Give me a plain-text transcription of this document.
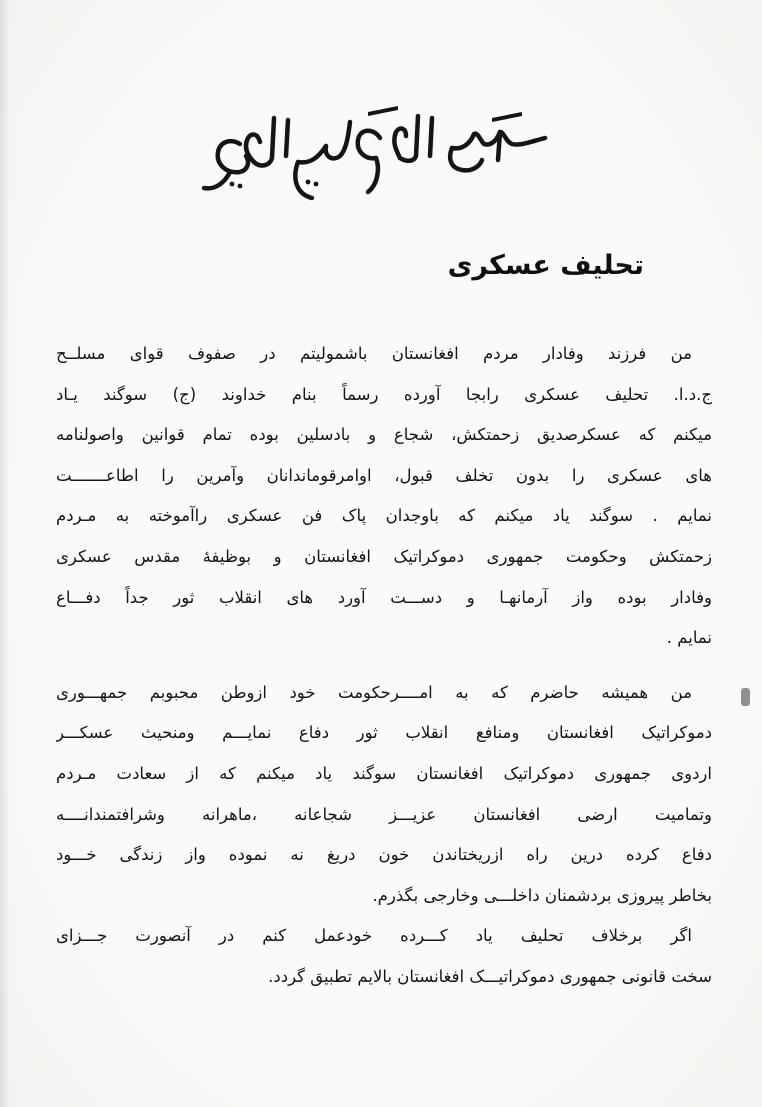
تحلیف عسکری
من فرزند وفادار مردم افغانستان باشمولیتم در صفوف قوای مسلــح
ج.د.ا. تحلیف عسکری رابجا آورده رسماً بنام خداوند (ج) سوگند یـاد
میکنم که عسکرصدیق زحمتکش، شجاع و بادسلین بوده تمام قوانین واصولنامه
های عسکری را بدون تخلف قبول، اوامرقوماندانان وآمرین را اطاعـــــــت
نمایم . سوگند یاد میکنم که باوجدان پاک فن عسکری راآموخته به مـردم
زحمتکش وحکومت جمهوری دموکراتیک افغانستان و بوظیفۀ مقدس عسکری
وفادار بوده واز آرمانهـا و دســـت آورد های انقلاب ثور جداً دفـــاع
نمایم .
من همیشه حاضرم که به امــــرحکومت خود ازوطن محبوبم جمهـــوری
دموکراتیک افغانستان ومنافع انقلاب ثور دفاع نمایـــم ومنحیث عسکـــر
اردوی جمهوری دموکراتیک افغانستان سوگند یاد میکنم که از سعادت مـردم
وتمامیت ارضی افغانستان عزیـــز شجاعانه ،ماهرانه وشرافتمندانــــه
دفاع کرده درین راه ازریختاندن خون دریغ نه نموده واز زندگی خـــود
بخاطر پیروزی بردشمنان داخلـــی وخارجی بگذرم.
اگر برخلاف تحلیف یاد کـــرده خودعمل کنم در آنصورت جـــزای
سخت قانونی جمهوری دموکراتیـــک افغانستان بالایم تطبیق گردد.
